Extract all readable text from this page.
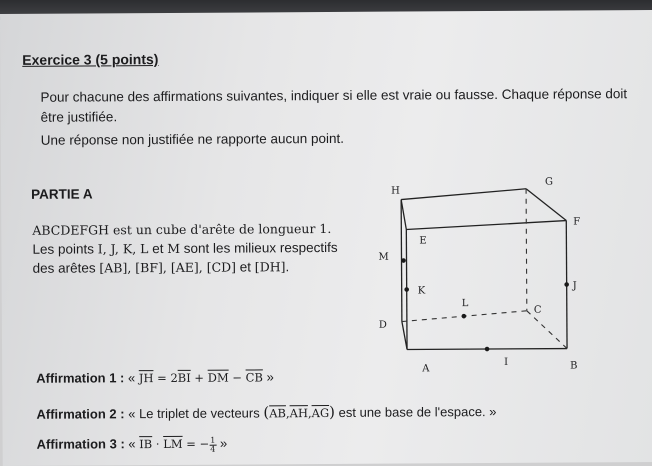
Exercice 3 (5 points)
Pour chacune des affirmations suivantes, indiquer si elle est vraie ou fausse. Chaque réponse doit être justifiée.
Une réponse non justifiée ne rapporte aucun point.
PARTIE A
ABCDEFGH est un cube d'arête de longueur 1.
Les points I, J, K, L et M sont les milieux respectifs des arêtes [AB], [BF], [AE], [CD] et [DH].
Affirmation 1 : « $\overline{JH} = 2\overline{BI} + \overline{DM} - \overline{CB}$ »
Affirmation 2 : « Le triplet de vecteurs $(\overline{AB},\overline{AH},\overline{AG})$ est une base de l'espace. »
Affirmation 3 : « $\overline{IB} \cdot \overline{LM}$ = − $\frac{1}{4}$ »
H
G
E
F
M
K
L
J
C
D
A
I	B
